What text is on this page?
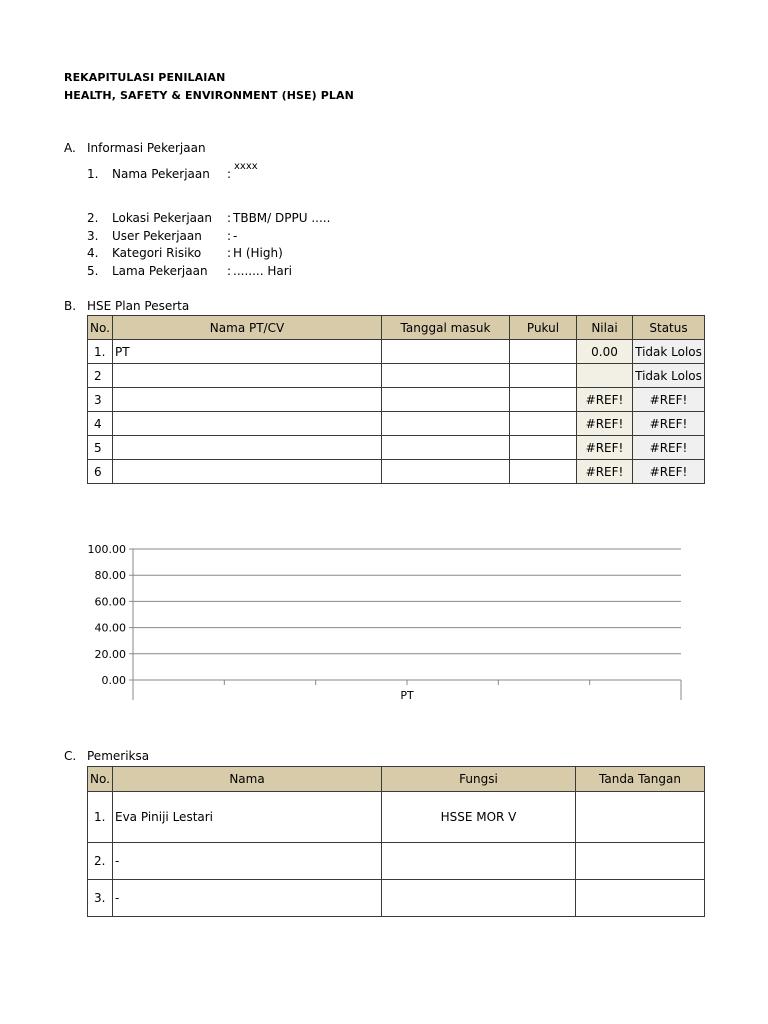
REKAPITULASI PENILAIAN
HEALTH, SAFETY & ENVIRONMENT (HSE) PLAN
A. Informasi Pekerjaan
1. Nama Pekerjaan :
xxxx
2. Lokasi Pekerjaan : TBBM/ DPPU .....
3. User Pekerjaan : -
4. Kategori Risiko : H (High)
5. Lama Pekerjaan : ........ Hari
B. HSE Plan Peserta
No.	Nama PT/CV	Tanggal masuk	Pukul	Nilai	Status
1.	PT			0.00	Tidak Lolos
2					Tidak Lolos
3				#REF!	#REF!
4				#REF!	#REF!
5				#REF!	#REF!
6				#REF!	#REF!
0.00
20.00
40.00
60.00
80.00
100.00
PT
C. Pemeriksa
No.	Nama	Fungsi	Tanda Tangan
1.	Eva Piniji Lestari	HSSE MOR V	
2.	-		
3.	-		
